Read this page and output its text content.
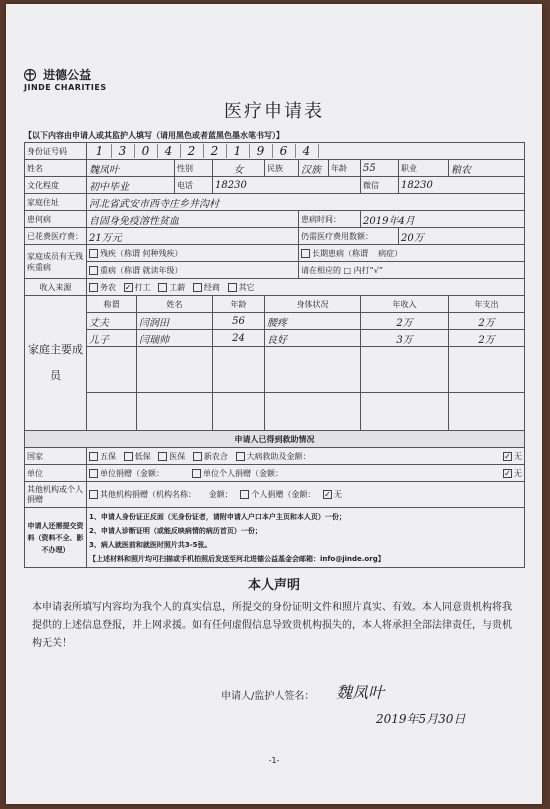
进德公益
JINDE CHARITIES
医疗申请表
【以下内容由申请人或其监护人填写（请用黑色或者蓝黑色墨水笔书写）】
身份证号码	1 3 0 4 2 2 1 9 6 4									
姓名	魏凤叶		性别	女	民族	汉族	年龄	55	职业	粮农
文化程度	初中毕业		电话	18230				微信	18230	
家庭住址	河北省武安市西寺庄乡井沟村									
患何病	自固身免疫溶性贫血					患病时间：		2019年4月		
已花费医疗费：	21万元					仍需医疗费用数额：			20万	
家庭成员有无残疾重病	残疾（称谓 何种残疾）					长期患病（称谓 病症）				
	重病（称谓 就读年级）					请在相应的 □ 内打“√”				
收入来源	务农 ✓ 打工 工薪 经商 其它									
家庭主要成员	称谓	姓名		年龄	身体状况			年收入		年支出
	丈夫	闫润田		56	腰疼			2万		2万
	儿子	闫瑞帅		24	良好			3万		2万

申请人已得到救助情况										
国家	五保 低保 医保 新农合 大病救助及金额： ✓ 无									

单位	单位捐赠（金额： 单位个人捐赠（金额： ✓ 无									

其他机构或个人捐赠	其他机构捐赠（机构名称： 金额： 个人捐赠（金额： ✓ 无									
申请人还需提交资料（资料不全、影不办理）	1、申请人身份证正反面（无身份证者，请附申请人户口本户主页和本人页）一份；
2、申请人诊断证明（或能反映病情的病历首页）一份；
3、病人就医前和就医时照片共3-5张。
【上述材料和照片均可扫描或手机拍照后发送至河北进德公益基金会邮箱：info@jinde.org】									
本人声明
本申请表所填写内容均为我个人的真实信息，所提交的身份证明文件和照片真实、有效。本人同意贵机构将我提供的上述信息登报，并上网求援。如有任何虚假信息导致贵机构损失的，本人将承担全部法律责任，与贵机构无关！
申请人/监护人签名： 魏凤叶
2019年5月30日
-1-
